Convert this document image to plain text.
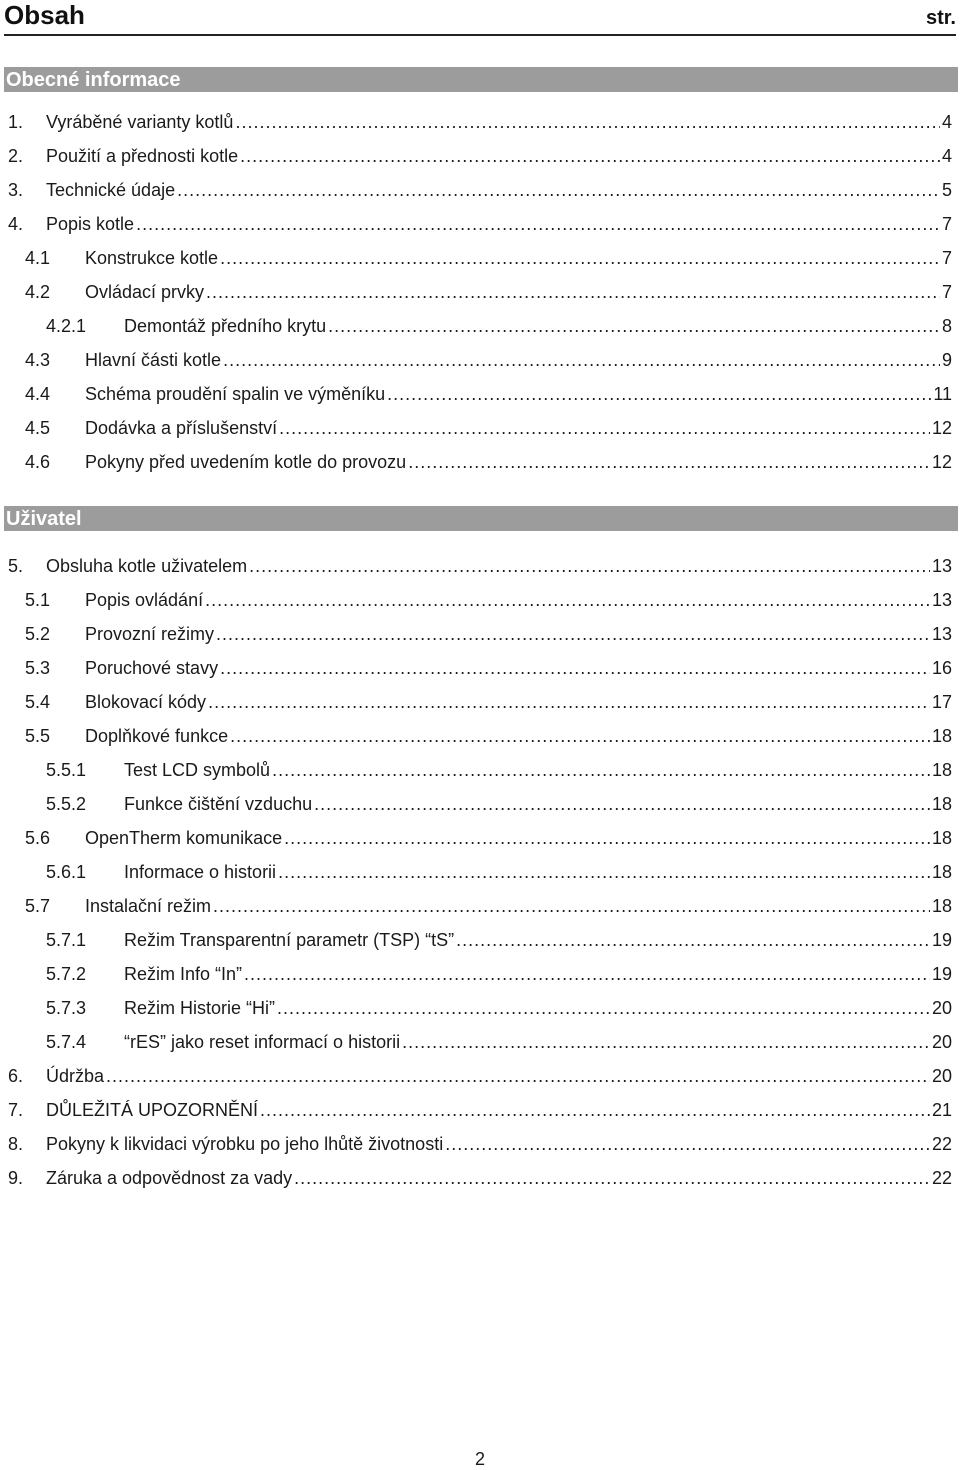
Obsah	str.
Obecné informace
1. Vyráběné varianty kotlů . . .	4
2. Použití a přednosti kotle . . .	4
3. Technické údaje . . .	5
4. Popis kotle . . .	7
4.1 Konstrukce kotle . . .	7
4.2 Ovládací prvky . . .	7
4.2.1 Demontáž předního krytu . . .	8
4.3 Hlavní části kotle . . .	9
4.4 Schéma proudění spalin ve výměníku . . .	11
4.5 Dodávka a příslušenství . . .	12
4.6 Pokyny před uvedením kotle do provozu . . .	12
Uživatel
5. Obsluha kotle uživatelem . . .	13
5.1 Popis ovládání . . .	13
5.2 Provozní režimy . . .	13
5.3 Poruchové stavy . . .	16
5.4 Blokovací kódy . . .	17
5.5 Doplňkové funkce . . .	18
5.5.1 Test LCD symbolů . . .	18
5.5.2 Funkce čištění vzduchu . . .	18
5.6 OpenTherm komunikace . . .	18
5.6.1 Informace o historii . . .	18
5.7 Instalační režim . . .	18
5.7.1 Režim Transparentní parametr (TSP) “tS” . . .	19
5.7.2 Režim Info “In” . . .	19
5.7.3 Režim Historie “Hi” . . .	20
5.7.4 “rES” jako reset informací o historii . . .	20
6. Údržba . . .	20
7. DŮLEŽITÁ UPOZORNĚNÍ . . .	21
8. Pokyny k likvidaci výrobku po jeho lhůtě životnosti . . .	22
9. Záruka a odpovědnost za vady . . .	22
2
